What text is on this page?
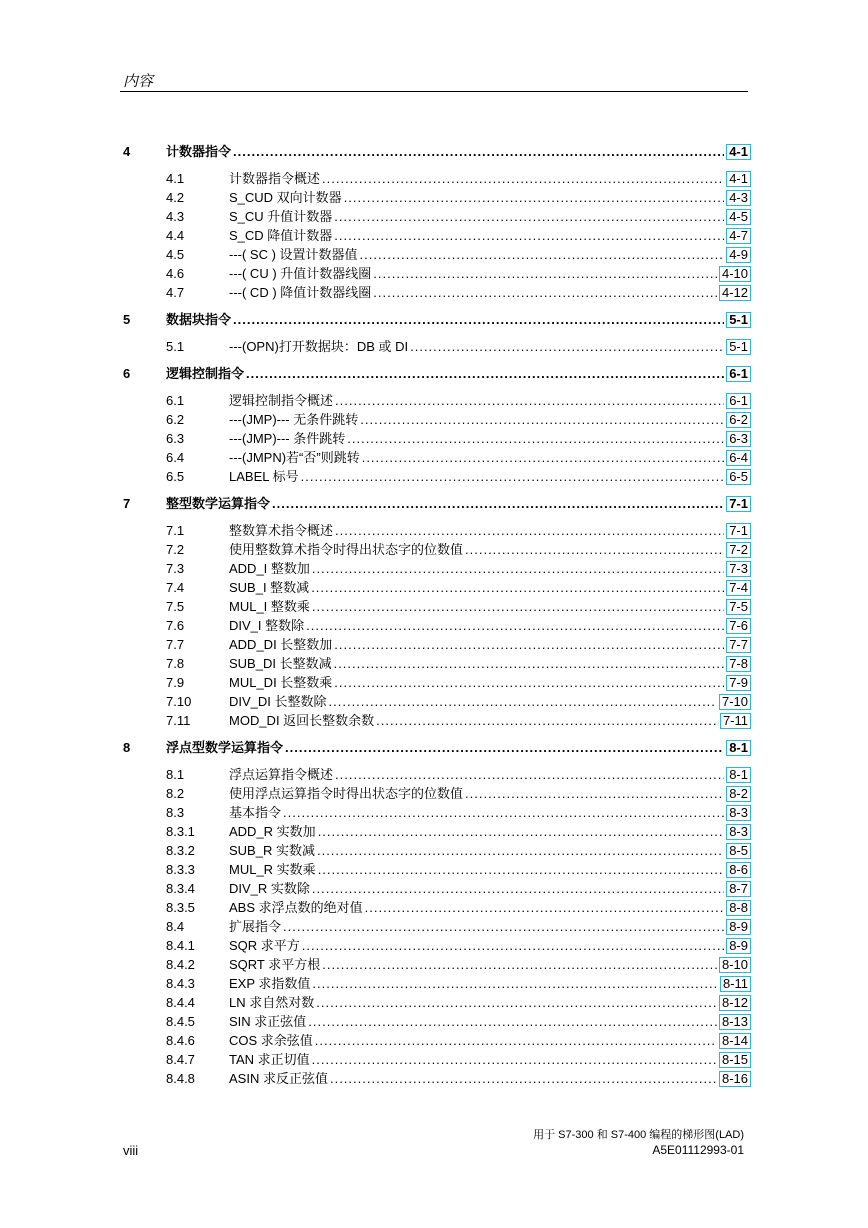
内容
4	计数器指令 .....	4-1
4.1	计数器指令概述 .....	4-1
4.2	S_CUD 双向计数器 .....	4-3
4.3	S_CU 升值计数器 .....	4-5
4.4	S_CD 降值计数器 .....	4-7
4.5	---( SC ) 设置计数器值 .....	4-9
4.6	---( CU ) 升值计数器线圈 .....	4-10
4.7	---( CD ) 降值计数器线圈 .....	4-12
5	数据块指令 .....	5-1
5.1	---(OPN)打开数据块：DB 或 DI .....	5-1
6	逻辑控制指令 .....	6-1
6.1	逻辑控制指令概述 .....	6-1
6.2	---(JMP)--- 无条件跳转 .....	6-2
6.3	---(JMP)--- 条件跳转 .....	6-3
6.4	---(JMPN)若“否”则跳转 .....	6-4
6.5	LABEL 标号 .....	6-5
7	整型数学运算指令 .....	7-1
7.1	整数算术指令概述 .....	7-1
7.2	使用整数算术指令时得出状态字的位数值 .....	7-2
7.3	ADD_I 整数加 .....	7-3
7.4	SUB_I 整数减 .....	7-4
7.5	MUL_I 整数乘 .....	7-5
7.6	DIV_I 整数除 .....	7-6
7.7	ADD_DI 长整数加 .....	7-7
7.8	SUB_DI 长整数减 .....	7-8
7.9	MUL_DI 长整数乘 .....	7-9
7.10	DIV_DI 长整数除 .....	7-10
7.11	MOD_DI 返回长整数余数 .....	7-11
8	浮点型数学运算指令 .....	8-1
8.1	浮点运算指令概述 .....	8-1
8.2	使用浮点运算指令时得出状态字的位数值 .....	8-2
8.3	基本指令 .....	8-3
8.3.1	ADD_R 实数加 .....	8-3
8.3.2	SUB_R 实数减 .....	8-5
8.3.3	MUL_R 实数乘 .....	8-6
8.3.4	DIV_R 实数除 .....	8-7
8.3.5	ABS 求浮点数的绝对值 .....	8-8
8.4	扩展指令 .....	8-9
8.4.1	SQR 求平方 .....	8-9
8.4.2	SQRT 求平方根 .....	8-10
8.4.3	EXP 求指数值 .....	8-11
8.4.4	LN 求自然对数 .....	8-12
8.4.5	SIN 求正弦值 .....	8-13
8.4.6	COS 求余弦值 .....	8-14
8.4.7	TAN 求正切值 .....	8-15
8.4.8	ASIN 求反正弦值 .....	8-16
用于 S7-300 和 S7-400 编程的梯形图(LAD)
viii	A5E01112993-01
